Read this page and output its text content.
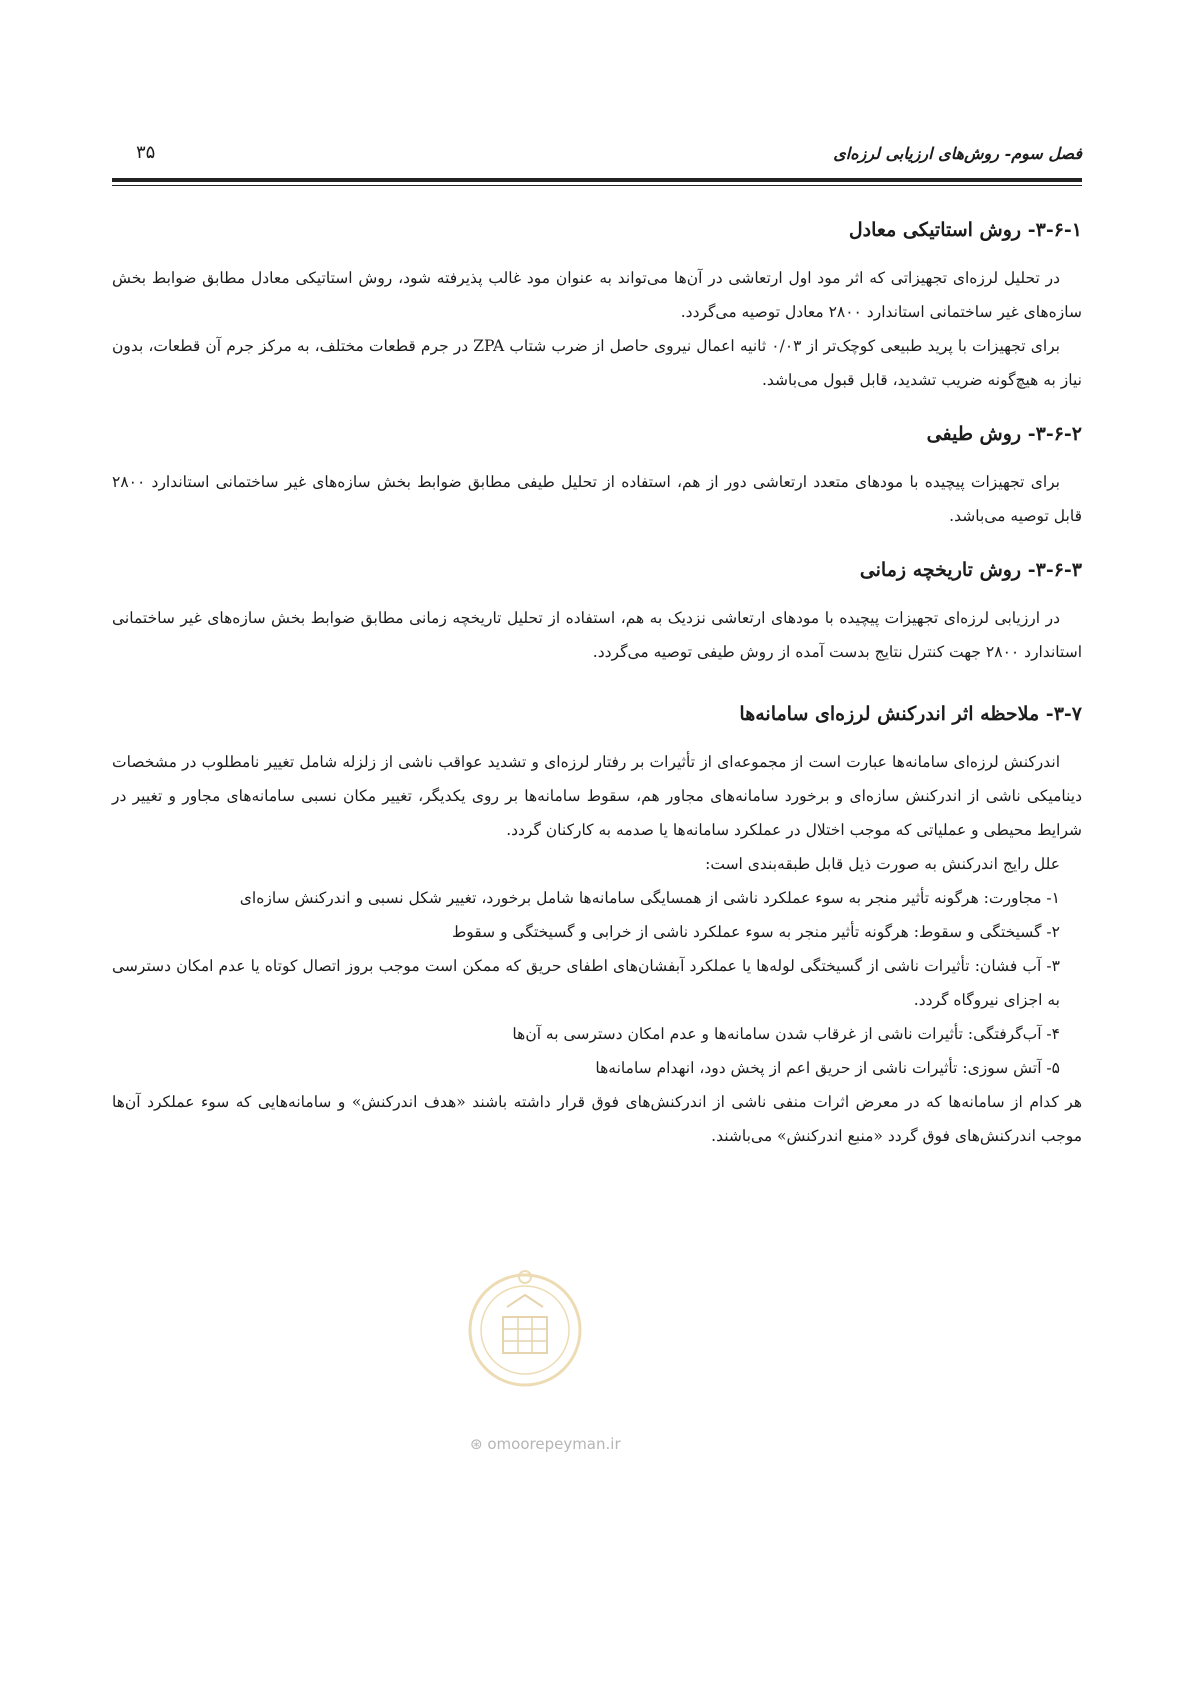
فصل سوم- روش‌های ارزیابی لرزه‌ای
۳۵
۳-۶-۱- روش استاتیکی معادل

در تحلیل لرزه‌ای تجهیزاتی که اثر مود اول ارتعاشی در آن‌ها می‌تواند به عنوان مود غالب پذیرفته شود، روش استاتیکی معادل مطابق ضوابط بخش سازه‌های غیر ساختمانی استاندارد ۲۸۰۰ معادل توصیه می‌گردد.

برای تجهیزات با پرید طبیعی کوچک‌تر از ۰/۰۳ ثانیه اعمال نیروی حاصل از ضرب شتاب ZPA در جرم قطعات مختلف، به مرکز جرم آن قطعات، بدون نیاز به هیچ‌گونه ضریب تشدید، قابل قبول می‌باشد.

۳-۶-۲- روش طیفی

برای تجهیزات پیچیده با مودهای متعدد ارتعاشی دور از هم، استفاده از تحلیل طیفی مطابق ضوابط بخش سازه‌های غیر ساختمانی استاندارد ۲۸۰۰ قابل توصیه می‌باشد.

۳-۶-۳- روش تاریخچه زمانی

در ارزیابی لرزه‌ای تجهیزات پیچیده با مودهای ارتعاشی نزدیک به هم، استفاده از تحلیل تاریخچه زمانی مطابق ضوابط بخش سازه‌های غیر ساختمانی استاندارد ۲۸۰۰ جهت کنترل نتایج بدست آمده از روش طیفی توصیه می‌گردد.

۳-۷- ملاحظه اثر اندرکنش لرزه‌ای سامانه‌ها

اندرکنش لرزه‌ای سامانه‌ها عبارت است از مجموعه‌ای از تأثیرات بر رفتار لرزه‌ای و تشدید عواقب ناشی از زلزله شامل تغییر نامطلوب در مشخصات دینامیکی ناشی از اندرکنش سازه‌ای و برخورد سامانه‌های مجاور هم، سقوط سامانه‌ها بر روی یکدیگر، تغییر مکان نسبی سامانه‌های مجاور و تغییر در شرایط محیطی و عملیاتی که موجب اختلال در عملکرد سامانه‌ها یا صدمه به کارکنان گردد.

علل رایج اندرکنش به صورت ذیل قابل طبقه‌بندی است:

۱- مجاورت: هرگونه تأثیر منجر به سوء عملکرد ناشی از همسایگی سامانه‌ها شامل برخورد، تغییر شکل نسبی و اندرکنش سازه‌ای
۲- گسیختگی و سقوط: هرگونه تأثیر منجر به سوء عملکرد ناشی از خرابی و گسیختگی و سقوط
۳- آب فشان: تأثیرات ناشی از گسیختگی لوله‌ها یا عملکرد آبفشان‌های اطفای حریق که ممکن است موجب بروز اتصال کوتاه یا عدم امکان دسترسی به اجزای نیروگاه گردد.
۴- آب‌گرفتگی: تأثیرات ناشی از غرقاب شدن سامانه‌ها و عدم امکان دسترسی به آن‌ها
۵- آتش سوزی: تأثیرات ناشی از حریق اعم از پخش دود، انهدام سامانه‌ها

هر کدام از سامانه‌ها که در معرض اثرات منفی ناشی از اندرکنش‌های فوق قرار داشته باشند «هدف اندرکنش» و سامانه‌هایی که سوء عملکرد آن‌ها موجب اندرکنش‌های فوق گردد «منبع اندرکنش» می‌باشند.

⊛ omoorepeyman.ir
